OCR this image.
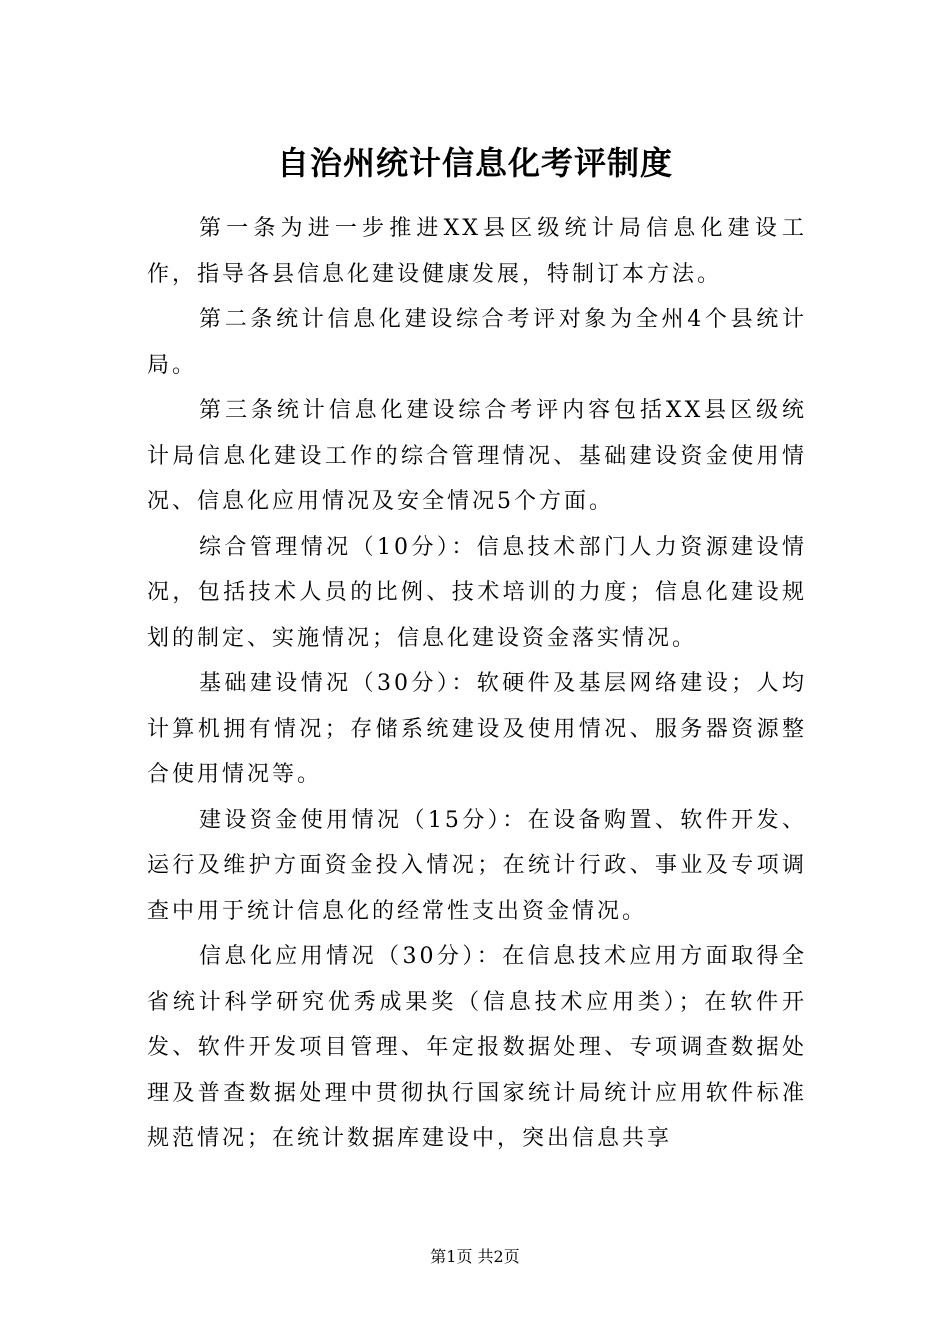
自治州统计信息化考评制度

第一条为进一步推进XX县区级统计局信息化建设工作，指导各县信息化建设健康发展，特制订本方法。

第二条统计信息化建设综合考评对象为全州4个县统计局。

第三条统计信息化建设综合考评内容包括XX县区级统计局信息化建设工作的综合管理情况、基础建设资金使用情况、信息化应用情况及安全情况5个方面。

综合管理情况（10分）：信息技术部门人力资源建设情况，包括技术人员的比例、技术培训的力度；信息化建设规划的制定、实施情况；信息化建设资金落实情况。

基础建设情况（30分）：软硬件及基层网络建设；人均计算机拥有情况；存储系统建设及使用情况、服务器资源整合使用情况等。

建设资金使用情况（15分）：在设备购置、软件开发、运行及维护方面资金投入情况；在统计行政、事业及专项调查中用于统计信息化的经常性支出资金情况。

信息化应用情况（30分）：在信息技术应用方面取得全省统计科学研究优秀成果奖（信息技术应用类）；在软件开发、软件开发项目管理、年定报数据处理、专项调查数据处理及普查数据处理中贯彻执行国家统计局统计应用软件标准规范情况；在统计数据库建设中，突出信息共享

第1页 共2页
